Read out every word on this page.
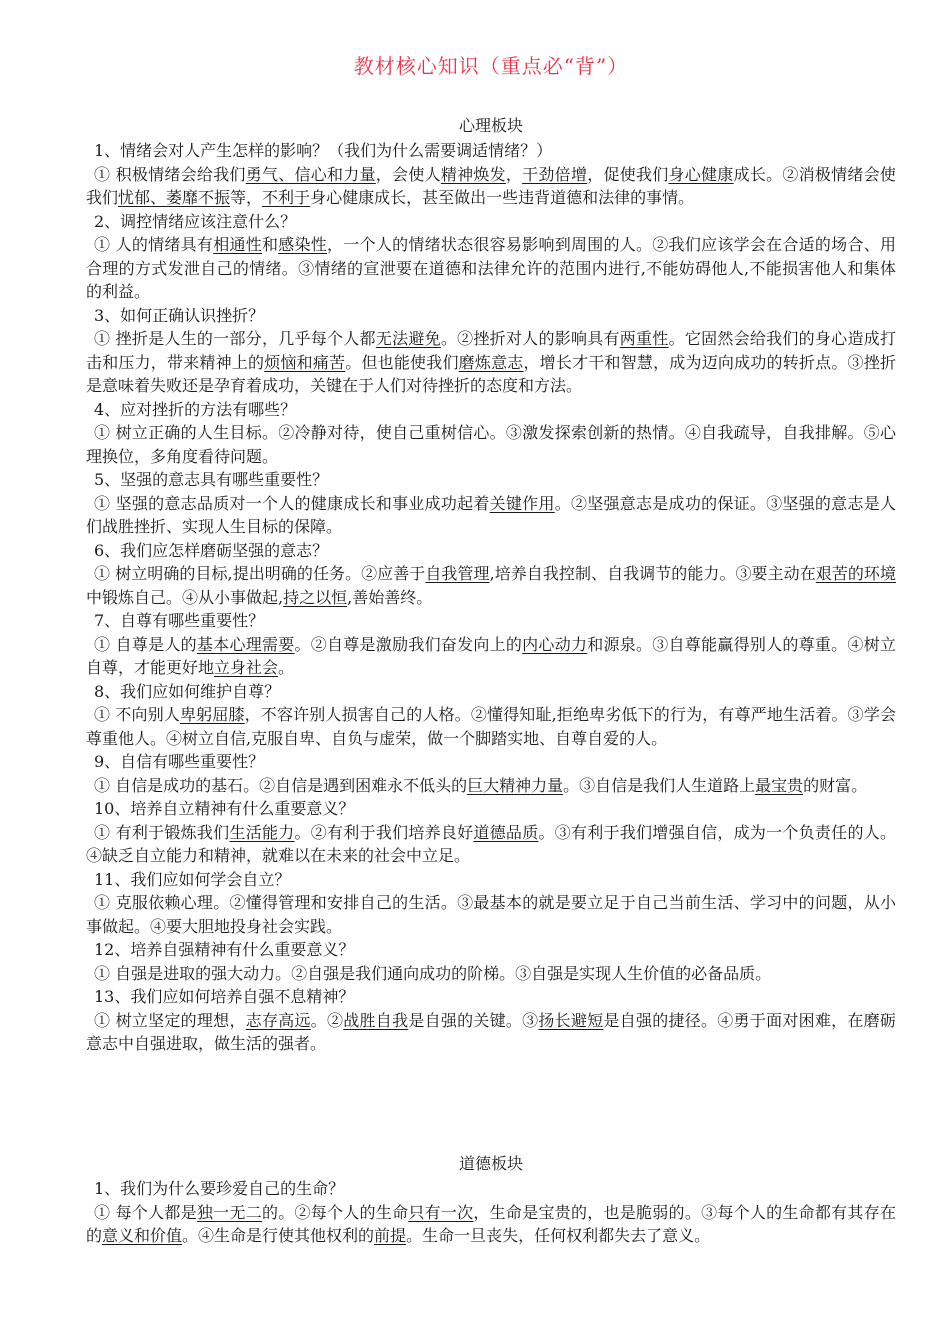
教材核心知识（重点必“背”）
心理板块

1、情绪会对人产生怎样的影响？（我们为什么需要调适情绪？）

① 积极情绪会给我们勇气、信心和力量，会使人精神焕发，干劲倍增，促使我们身心健康成长。②消极情绪会使我们忧郁、萎靡不振等，不利于身心健康成长，甚至做出一些违背道德和法律的事情。

2、调控情绪应该注意什么？

① 人的情绪具有相通性和感染性，一个人的情绪状态很容易影响到周围的人。②我们应该学会在合适的场合、用合理的方式发泄自己的情绪。③情绪的宣泄要在道德和法律允许的范围内进行,不能妨碍他人,不能损害他人和集体的利益。

3、如何正确认识挫折？

① 挫折是人生的一部分，几乎每个人都无法避免。②挫折对人的影响具有两重性。它固然会给我们的身心造成打击和压力，带来精神上的烦恼和痛苦。但也能使我们磨炼意志，增长才干和智慧，成为迈向成功的转折点。③挫折是意味着失败还是孕育着成功，关键在于人们对待挫折的态度和方法。

4、应对挫折的方法有哪些？

① 树立正确的人生目标。②冷静对待，使自己重树信心。③激发探索创新的热情。④自我疏导，自我排解。⑤心理换位，多角度看待问题。

5、坚强的意志具有哪些重要性？

① 坚强的意志品质对一个人的健康成长和事业成功起着关键作用。②坚强意志是成功的保证。③坚强的意志是人们战胜挫折、实现人生目标的保障。

6、我们应怎样磨砺坚强的意志？

① 树立明确的目标,提出明确的任务。②应善于自我管理,培养自我控制、自我调节的能力。③要主动在艰苦的环境中锻炼自己。④从小事做起,持之以恒,善始善终。

7、自尊有哪些重要性？

① 自尊是人的基本心理需要。②自尊是激励我们奋发向上的内心动力和源泉。③自尊能赢得别人的尊重。④树立自尊，才能更好地立身社会。

8、我们应如何维护自尊？

① 不向别人卑躬屈膝，不容许别人损害自己的人格。②懂得知耻,拒绝卑劣低下的行为，有尊严地生活着。③学会尊重他人。④树立自信,克服自卑、自负与虚荣，做一个脚踏实地、自尊自爱的人。

9、自信有哪些重要性？

① 自信是成功的基石。②自信是遇到困难永不低头的巨大精神力量。③自信是我们人生道路上最宝贵的财富。

10、培养自立精神有什么重要意义？

① 有利于锻炼我们生活能力。②有利于我们培养良好道德品质。③有利于我们增强自信，成为一个负责任的人。④缺乏自立能力和精神，就难以在未来的社会中立足。

11、我们应如何学会自立？

① 克服依赖心理。②懂得管理和安排自己的生活。③最基本的就是要立足于自己当前生活、学习中的问题，从小事做起。④要大胆地投身社会实践。

12、培养自强精神有什么重要意义？

① 自强是进取的强大动力。②自强是我们通向成功的阶梯。③自强是实现人生价值的必备品质。

13、我们应如何培养自强不息精神？

① 树立坚定的理想，志存高远。②战胜自我是自强的关键。③扬长避短是自强的捷径。④勇于面对困难，在磨砺意志中自强进取，做生活的强者。

道德板块

1、我们为什么要珍爱自己的生命？

① 每个人都是独一无二的。②每个人的生命只有一次，生命是宝贵的，也是脆弱的。③每个人的生命都有其存在的意义和价值。④生命是行使其他权利的前提。生命一旦丧失，任何权利都失去了意义。
